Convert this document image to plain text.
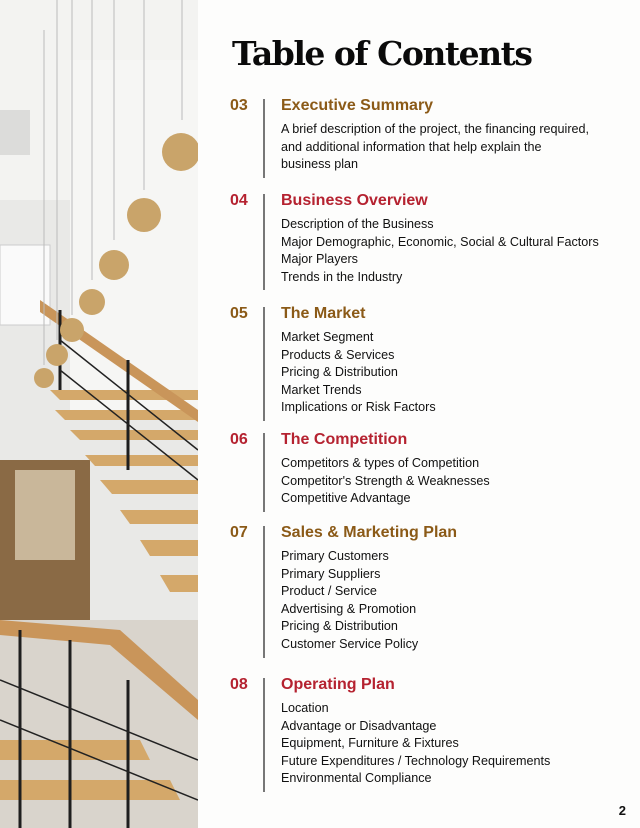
Table of Contents
03 Executive Summary
A brief description of the project, the financing required,
and additional information that help explain the
business plan
04 Business Overview
Description of the Business
Major Demographic, Economic, Social & Cultural Factors
Major Players
Trends in the Industry
05 The Market
Market Segment
Products & Services
Pricing & Distribution
Market Trends
Implications or Risk Factors
06 The Competition
Competitors & types of Competition
Competitor's Strength & Weaknesses
Competitive Advantage
07 Sales & Marketing Plan
Primary Customers
Primary Suppliers
Product / Service
Advertising & Promotion
Pricing & Distribution
Customer Service Policy
08 Operating Plan
Location
Advantage or Disadvantage
Equipment, Furniture & Fixtures
Future Expenditures / Technology Requirements
Environmental Compliance
2
